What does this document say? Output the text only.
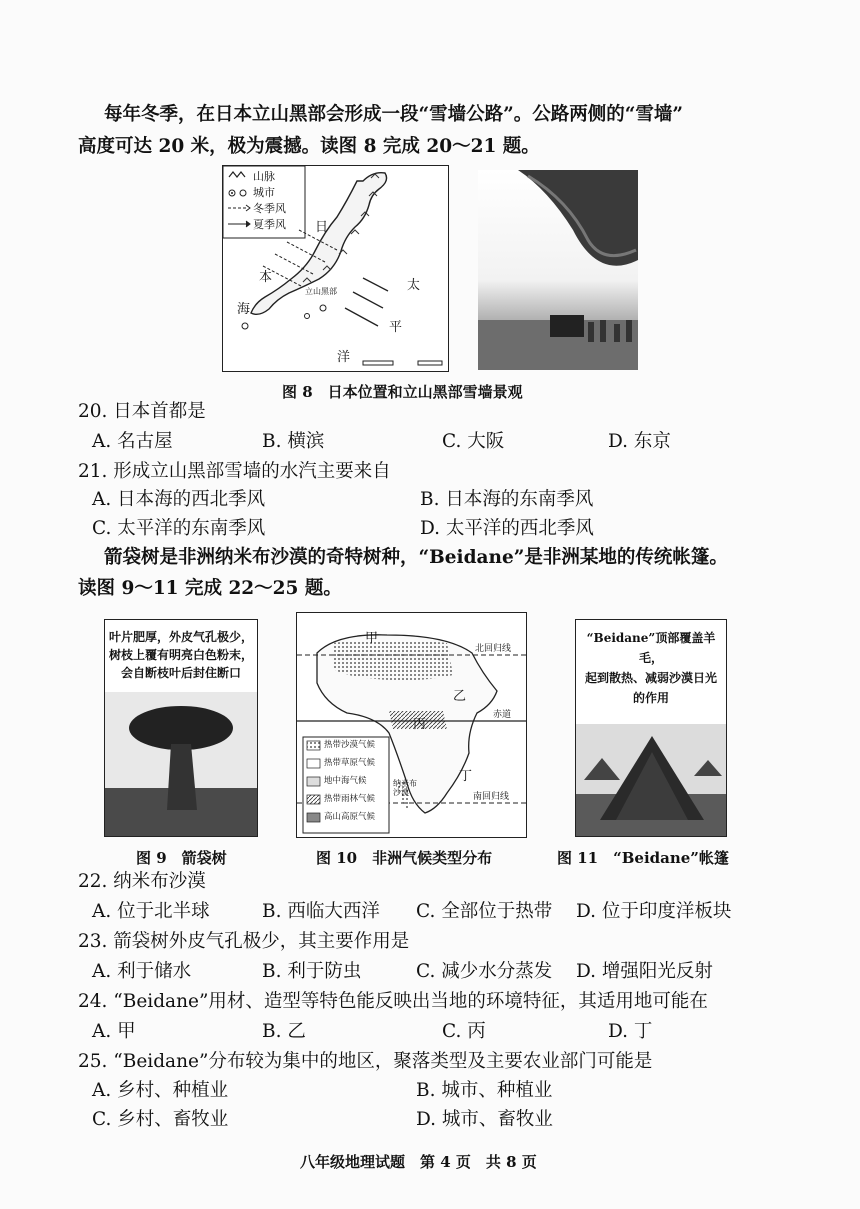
每年冬季，在日本立山黑部会形成一段“雪墙公路”。公路两侧的“雪墙”
高度可达 20 米，极为震撼。读图 8 完成 20～21 题。
山脉
城市
冬季风
夏季风 日
本
海
太
平
洋
立山黑部
图 8　日本位置和立山黑部雪墙景观
20. 日本首都是
A. 名古屋	B. 横滨	C. 大阪	D. 东京
21. 形成立山黑部雪墙的水汽主要来自
A. 日本海的西北季风	B. 日本海的东南季风
C. 太平洋的东南季风	D. 太平洋的西北季风
箭袋树是非洲纳米布沙漠的奇特树种，“Beidane”是非洲某地的传统帐篷。
读图 9～11 完成 22～25 题。
叶片肥厚，外皮气孔极少，
树枝上覆有明亮白色粉末，
会自断枝叶后封住断口
图 9　箭袋树
甲
乙
丙
丁
北回归线
赤道
南回归线
纳米布沙漠
热带沙漠气候
热带草原气候
地中海气候
热带雨林气候
高山高原气候
图 10　非洲气候类型分布
“Beidane”顶部覆盖羊毛，
起到散热、减弱沙漠日光
的作用
图 11　“Beidane”帐篷
22. 纳米布沙漠
A. 位于北半球	B. 西临大西洋 C. 全部位于热带 D. 位于印度洋板块
23. 箭袋树外皮气孔极少，其主要作用是
A. 利于储水	B. 利于防虫	C. 减少水分蒸发 D. 增强阳光反射
24. “Beidane”用材、造型等特色能反映出当地的环境特征，其适用地可能在
A. 甲	B. 乙	C. 丙	D. 丁
25. “Beidane”分布较为集中的地区，聚落类型及主要农业部门可能是
A. 乡村、种植业	B. 城市、种植业
C. 乡村、畜牧业	D. 城市、畜牧业
八年级地理试题　第 4 页　共 8 页
